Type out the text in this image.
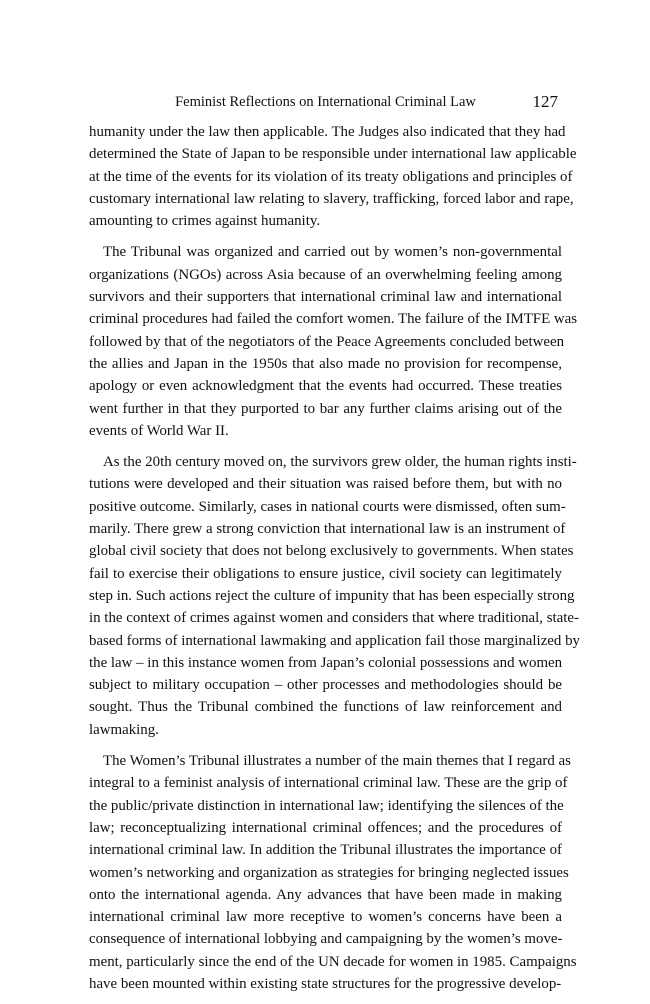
Feminist Reflections on International Criminal Law	127
humanity under the law then applicable. The Judges also indicated that they had
determined the State of Japan to be responsible under international law applicable
at the time of the events for its violation of its treaty obligations and principles of
customary international law relating to slavery, trafficking, forced labor and rape,
amounting to crimes against humanity.
The Tribunal was organized and carried out by women’s non-governmental
organizations (NGOs) across Asia because of an overwhelming feeling among
survivors and their supporters that international criminal law and international
criminal procedures had failed the comfort women. The failure of the IMTFE was
followed by that of the negotiators of the Peace Agreements concluded between
the allies and Japan in the 1950s that also made no provision for recompense,
apology or even acknowledgment that the events had occurred. These treaties
went further in that they purported to bar any further claims arising out of the
events of World War II.
As the 20th century moved on, the survivors grew older, the human rights insti-
tutions were developed and their situation was raised before them, but with no
positive outcome. Similarly, cases in national courts were dismissed, often sum-
marily. There grew a strong conviction that international law is an instrument of
global civil society that does not belong exclusively to governments. When states
fail to exercise their obligations to ensure justice, civil society can legitimately
step in. Such actions reject the culture of impunity that has been especially strong
in the context of crimes against women and considers that where traditional, state-
based forms of international lawmaking and application fail those marginalized by
the law – in this instance women from Japan’s colonial possessions and women
subject to military occupation – other processes and methodologies should be
sought. Thus the Tribunal combined the functions of law reinforcement and
lawmaking.
The Women’s Tribunal illustrates a number of the main themes that I regard as
integral to a feminist analysis of international criminal law. These are the grip of
the public/private distinction in international law; identifying the silences of the
law; reconceptualizing international criminal offences; and the procedures of
international criminal law. In addition the Tribunal illustrates the importance of
women’s networking and organization as strategies for bringing neglected issues
onto the international agenda. Any advances that have been made in making
international criminal law more receptive to women’s concerns have been a
consequence of international lobbying and campaigning by the women’s move-
ment, particularly since the end of the UN decade for women in 1985. Campaigns
have been mounted within existing state structures for the progressive develop-
